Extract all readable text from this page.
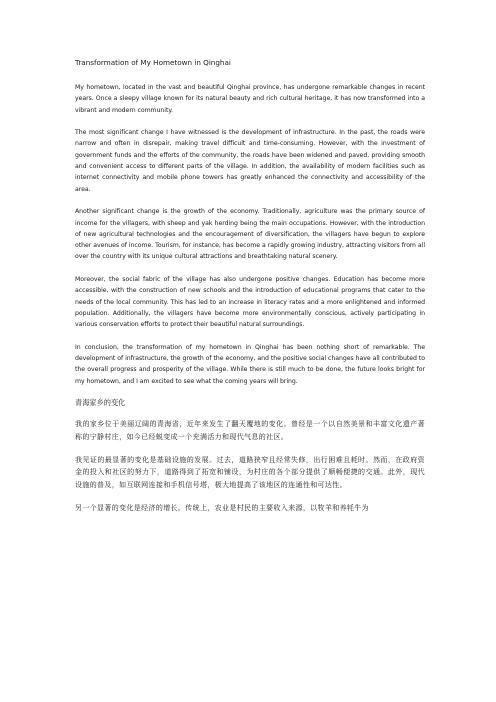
Transformation of My Hometown in Qinghai

My hometown, located in the vast and beautiful Qinghai province, has undergone remarkable changes in recent years. Once a sleepy village known for its natural beauty and rich cultural heritage, it has now transformed into a vibrant and modern community.

The most significant change I have witnessed is the development of infrastructure. In the past, the roads were narrow and often in disrepair, making travel difficult and time-consuming. However, with the investment of government funds and the efforts of the community, the roads have been widened and paved, providing smooth and convenient access to different parts of the village. In addition, the availability of modern facilities such as internet connectivity and mobile phone towers has greatly enhanced the connectivity and accessibility of the area.

Another significant change is the growth of the economy. Traditionally, agriculture was the primary source of income for the villagers, with sheep and yak herding being the main occupations. However, with the introduction of new agricultural technologies and the encouragement of diversification, the villagers have begun to explore other avenues of income. Tourism, for instance, has become a rapidly growing industry, attracting visitors from all over the country with its unique cultural attractions and breathtaking natural scenery.

Moreover, the social fabric of the village has also undergone positive changes. Education has become more accessible, with the construction of new schools and the introduction of educational programs that cater to the needs of the local community. This has led to an increase in literacy rates and a more enlightened and informed population. Additionally, the villagers have become more environmentally conscious, actively participating in various conservation efforts to protect their beautiful natural surroundings.

In conclusion, the transformation of my hometown in Qinghai has been nothing short of remarkable. The development of infrastructure, the growth of the economy, and the positive social changes have all contributed to the overall progress and prosperity of the village. While there is still much to be done, the future looks bright for my hometown, and I am excited to see what the coming years will bring.

青海家乡的变化

我的家乡位于美丽辽阔的青海省，近年来发生了翻天覆地的变化。曾经是一个以自然美景和丰富文化遗产著称的宁静村庄，如今已经蜕变成一个充满活力和现代气息的社区。

我见证的最显著的变化是基础设施的发展。过去，道路狭窄且经常失修，出行困难且耗时。然而，在政府资金的投入和社区的努力下，道路得到了拓宽和铺设，为村庄的各个部分提供了顺畅便捷的交通。此外，现代设施的普及，如互联网连接和手机信号塔，极大地提高了该地区的连通性和可达性。

另一个显著的变化是经济的增长。传统上，农业是村民的主要收入来源，以牧羊和养牦牛为
